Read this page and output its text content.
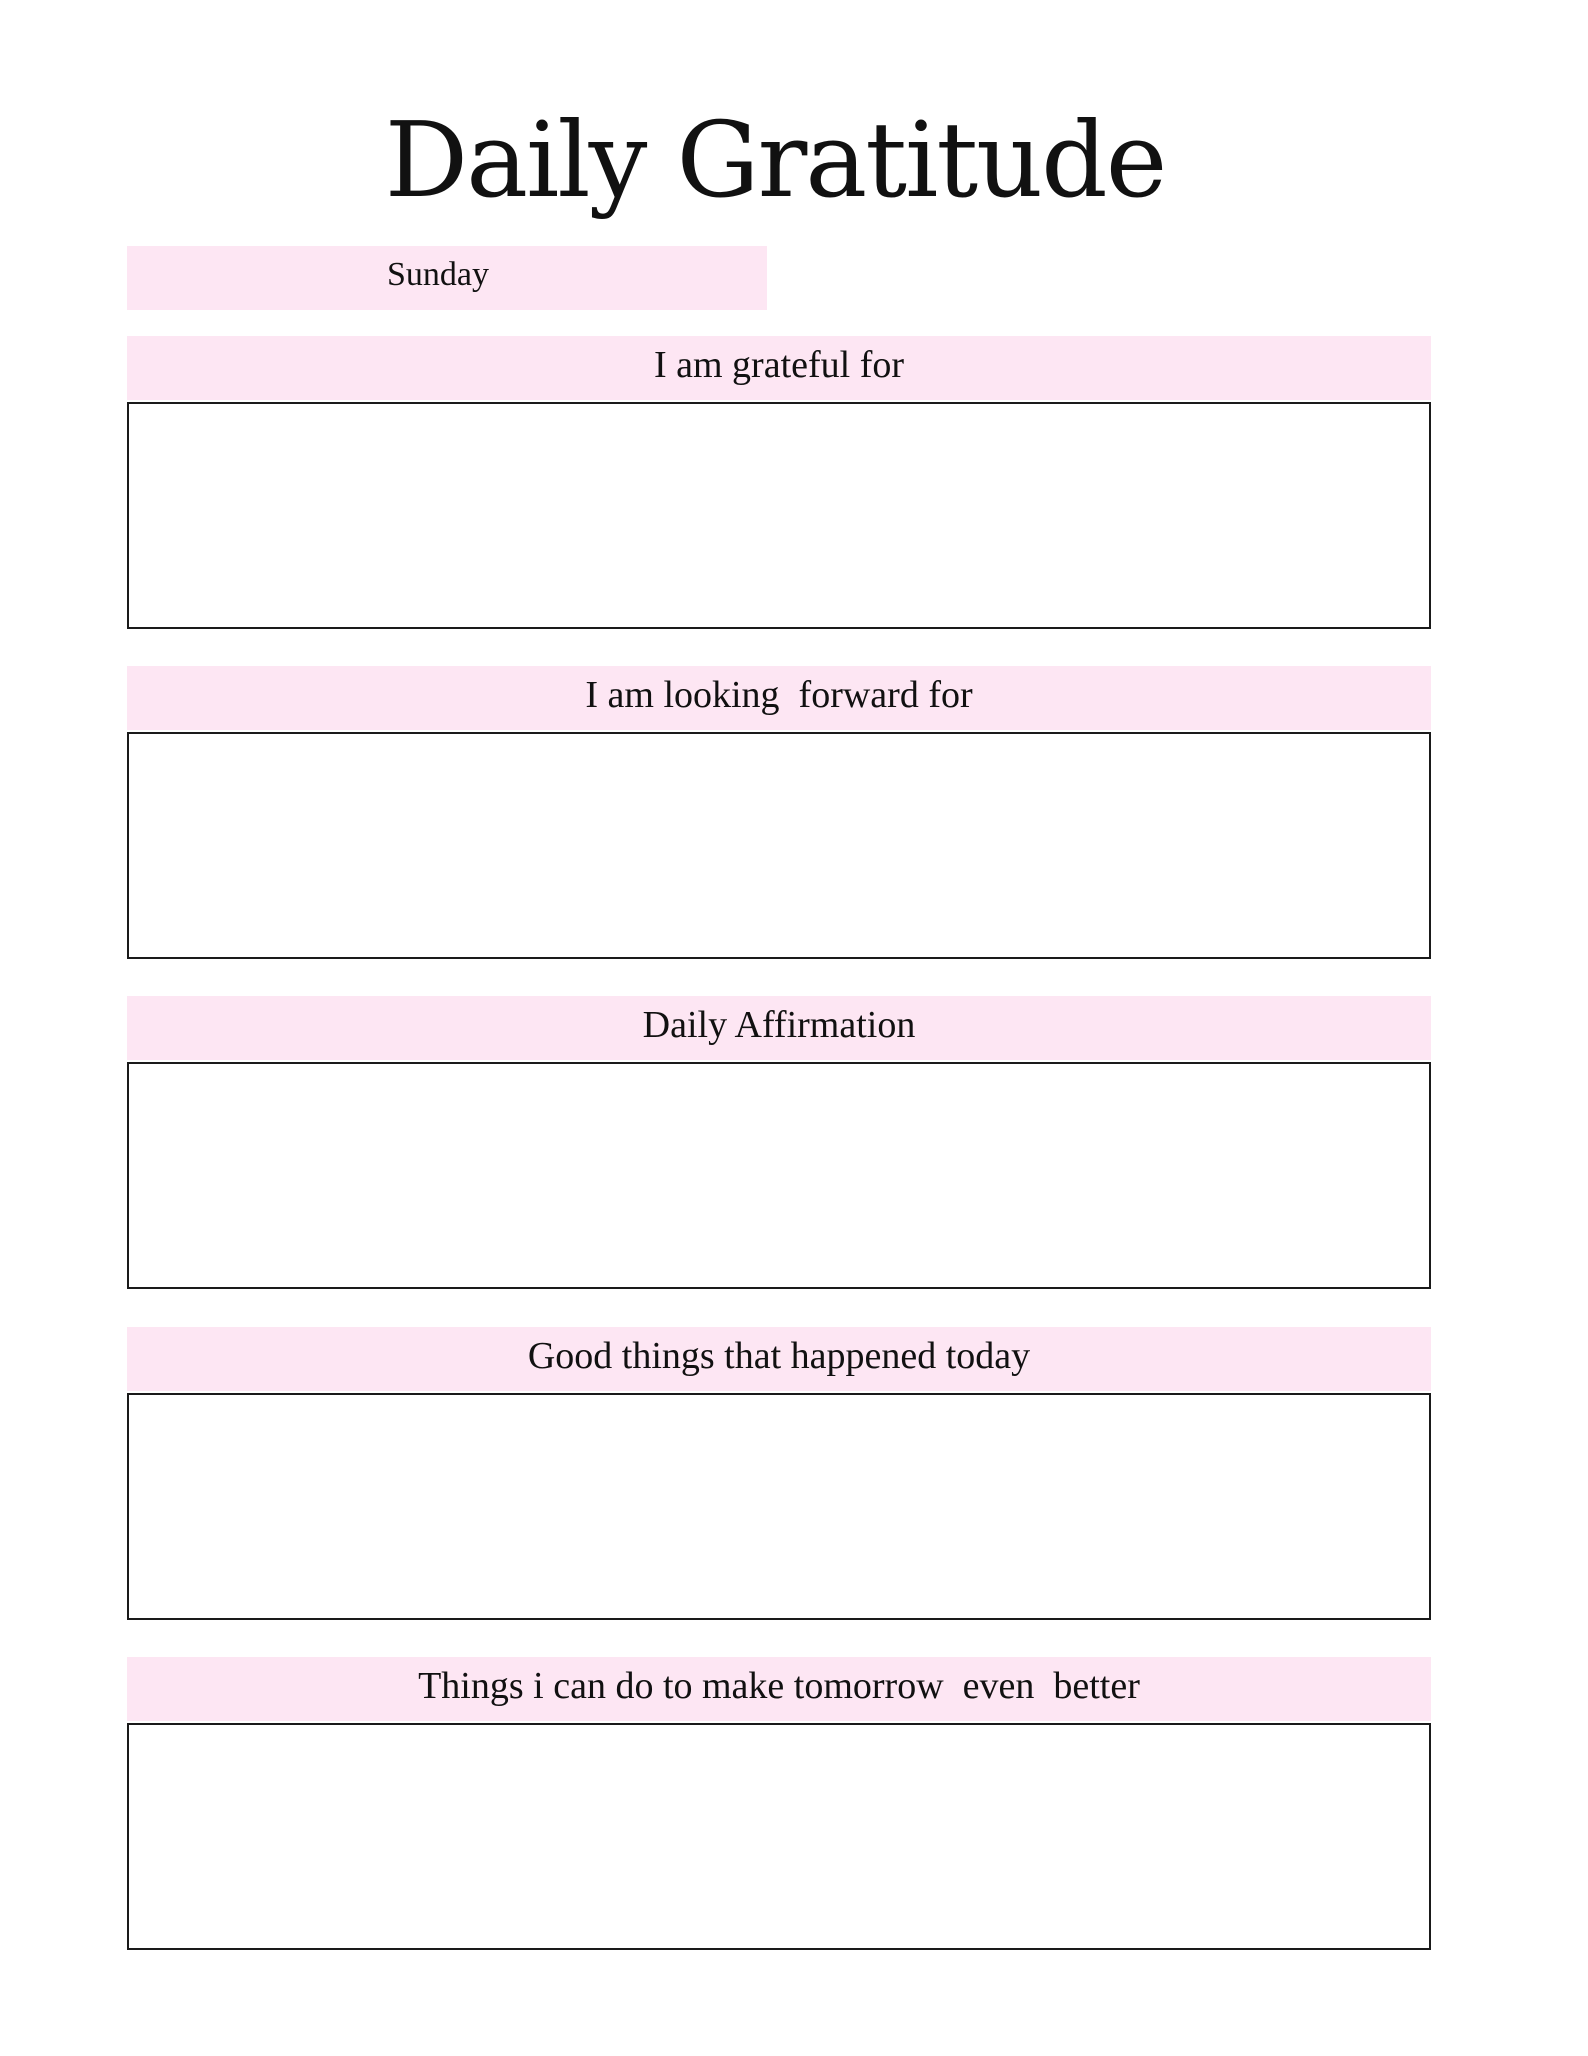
Daily Gratitude
Sunday
I am grateful for
I am looking  forward for
Daily Affirmation
Good things that happened today
Things i can do to make tomorrow  even  better
